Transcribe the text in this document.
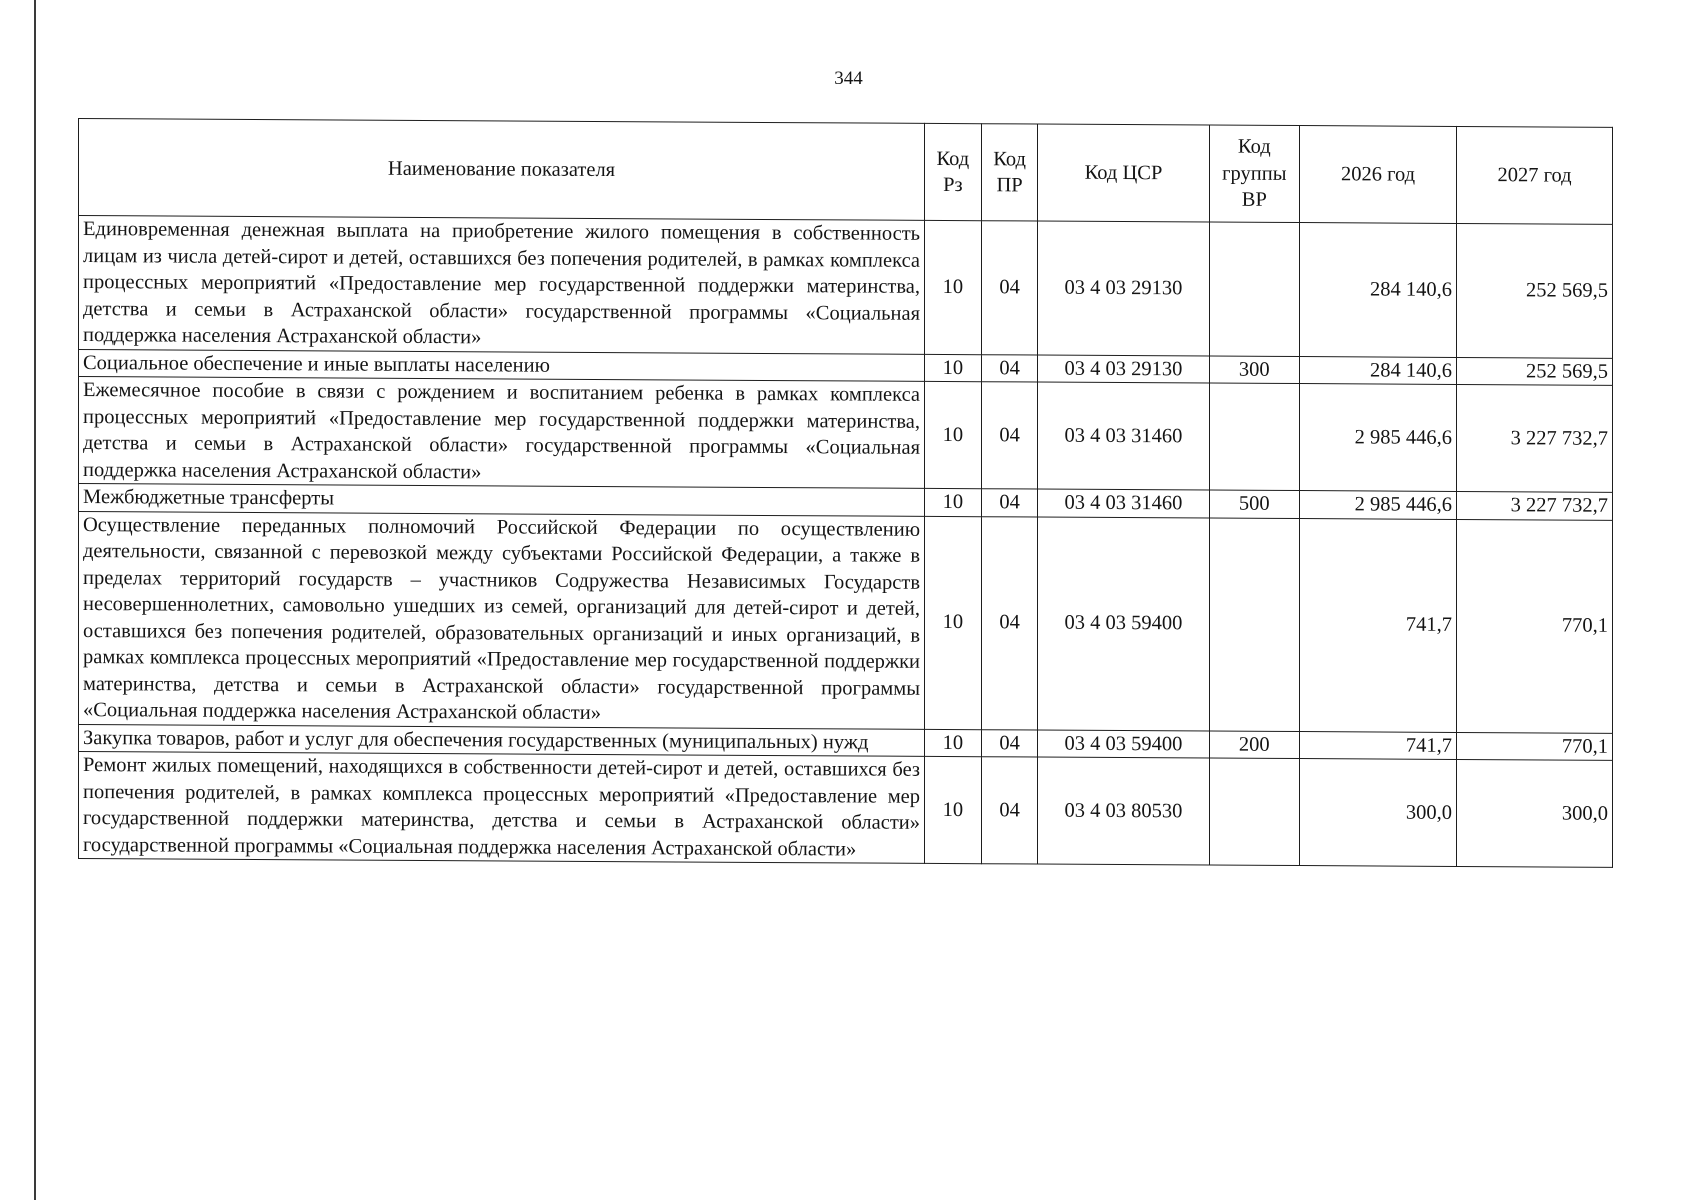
344
Наименование показателя	Код Рз	Код ПР	Код ЦСР	Код группы ВР	2026 год	2027 год
Единовременная денежная выплата на приобретение жилого помещения в собственность лицам из числа детей-сирот и детей, оставшихся без попечения родителей, в рамках комплекса процессных мероприятий «Предоставление мер государственной поддержки материнства, детства и семьи в Астраханской области» государственной программы «Социальная поддержка населения Астраханской области»	10	04	03 4 03 29130		284 140,6	252 569,5
Социальное обеспечение и иные выплаты населению	10	04	03 4 03 29130	300	284 140,6	252 569,5
Ежемесячное пособие в связи с рождением и воспитанием ребенка в рамках комплекса процессных мероприятий «Предоставление мер государственной поддержки материнства, детства и семьи в Астраханской области» государственной программы «Социальная поддержка населения Астраханской области»	10	04	03 4 03 31460		2 985 446,6	3 227 732,7
Межбюджетные трансферты	10	04	03 4 03 31460	500	2 985 446,6	3 227 732,7
Осуществление переданных полномочий Российской Федерации по осуществлению деятельности, связанной с перевозкой между субъектами Российской Федерации, а также в пределах территорий государств – участников Содружества Независимых Государств несовершеннолетних, самовольно ушедших из семей, организаций для детей-сирот и детей, оставшихся без попечения родителей, образовательных организаций и иных организаций, в рамках комплекса процессных мероприятий «Предоставление мер государственной поддержки материнства, детства и семьи в Астраханской области» государственной программы «Социальная поддержка населения Астраханской области»	10	04	03 4 03 59400		741,7	770,1
Закупка товаров, работ и услуг для обеспечения государственных (муниципальных) нужд	10	04	03 4 03 59400	200	741,7	770,1
Ремонт жилых помещений, находящихся в собственности детей-сирот и детей, оставшихся без попечения родителей, в рамках комплекса процессных мероприятий «Предоставление мер государственной поддержки материнства, детства и семьи в Астраханской области» государственной программы «Социальная поддержка населения Астраханской области»	10	04	03 4 03 80530		300,0	300,0
